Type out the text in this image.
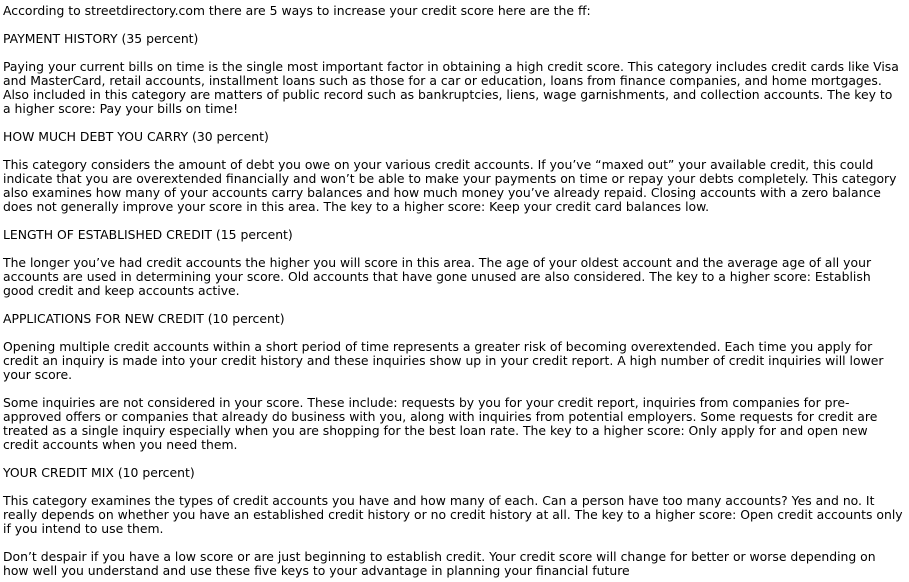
According to streetdirectory.com there are 5 ways to increase your credit score here are the ff:

PAYMENT HISTORY (35 percent)

Paying your current bills on time is the single most important factor in obtaining a high credit score. This category includes credit cards like Visa and MasterCard, retail accounts, installment loans such as those for a car or education, loans from finance companies, and home mortgages. Also included in this category are matters of public record such as bankruptcies, liens, wage garnishments, and collection accounts. The key to a higher score: Pay your bills on time!

HOW MUCH DEBT YOU CARRY (30 percent)

This category considers the amount of debt you owe on your various credit accounts. If you’ve “maxed out” your available credit, this could indicate that you are overextended financially and won’t be able to make your payments on time or repay your debts completely. This category also examines how many of your accounts carry balances and how much money you’ve already repaid. Closing accounts with a zero balance does not generally improve your score in this area. The key to a higher score: Keep your credit card balances low.

LENGTH OF ESTABLISHED CREDIT (15 percent)

The longer you’ve had credit accounts the higher you will score in this area. The age of your oldest account and the average age of all your accounts are used in determining your score. Old accounts that have gone unused are also considered. The key to a higher score: Establish good credit and keep accounts active.

APPLICATIONS FOR NEW CREDIT (10 percent)

Opening multiple credit accounts within a short period of time represents a greater risk of becoming overextended. Each time you apply for credit an inquiry is made into your credit history and these inquiries show up in your credit report. A high number of credit inquiries will lower your score.

Some inquiries are not considered in your score. These include: requests by you for your credit report, inquiries from companies for pre-approved offers or companies that already do business with you, along with inquiries from potential employers. Some requests for credit are treated as a single inquiry especially when you are shopping for the best loan rate. The key to a higher score: Only apply for and open new credit accounts when you need them.

YOUR CREDIT MIX (10 percent)

This category examines the types of credit accounts you have and how many of each. Can a person have too many accounts? Yes and no. It really depends on whether you have an established credit history or no credit history at all. The key to a higher score: Open credit accounts only if you intend to use them.

Don’t despair if you have a low score or are just beginning to establish credit. Your credit score will change for better or worse depending on how well you understand and use these five keys to your advantage in planning your financial future
